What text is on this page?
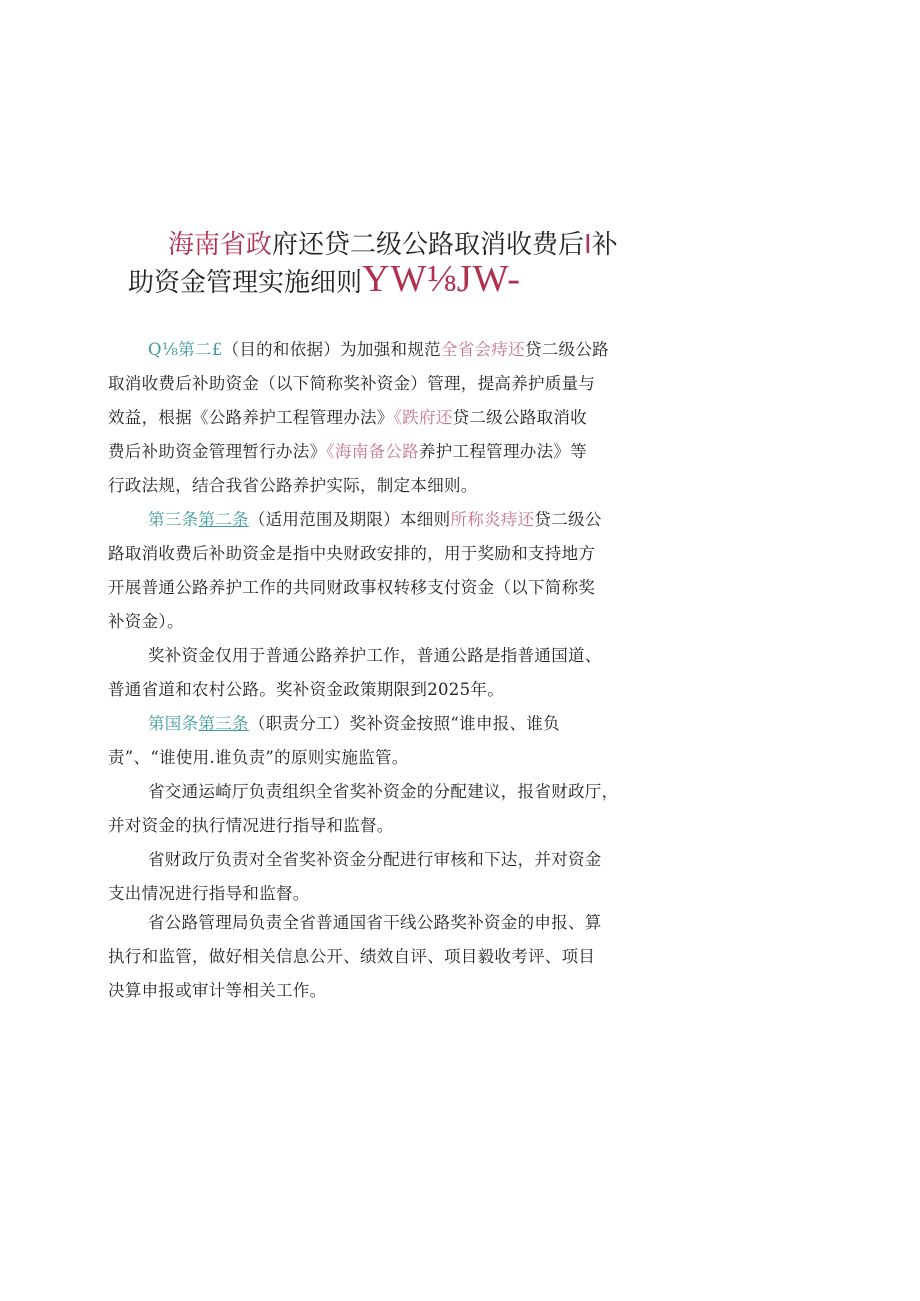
海南省政府还贷二级公路取消收费后I补
助资金管理实施细则YW⅛JW-
Q⅛第二£（目的和依据）为加强和规范全省会痔还贷二级公路
取消收费后补助资金（以下简称奖补资金）管理，提高养护质量与
效益，根据《公路养护工程管理办法》《跌府还贷二级公路取消收
费后补助资金管理暂行办法》《海南备公路养护工程管理办法》等
行政法规，结合我省公路养护实际，制定本细则。
第三条第二条（适用范围及期限）本细则所称炎痔还贷二级公
路取消收费后补助资金是指中央财政安排的，用于奖励和支持地方
开展普通公路养护工作的共同财政事权转移支付资金（以下简称奖
补资金）。
奖补资金仅用于普通公路养护工作，普通公路是指普通国道、
普通省道和农村公路。奖补资金政策期限到2025年。
第国条第三条（职责分工）奖补资金按照“谁申报、谁负
责”、“谁使用.谁负责”的原则实施监管。
省交通运崎厅负责组织全省奖补资金的分配建议，报省财政厅，
并对资金的执行情况进行指导和监督。
省财政厅负责对全省奖补资金分配进行审核和下达，并对资金
支出情况进行指导和监督。
省公路管理局负责全省普通国省干线公路奖补资金的申报、算
执行和监管，做好相关信息公开、绩效自评、项目毅收考评、项目
决算申报或审计等相关工作。
